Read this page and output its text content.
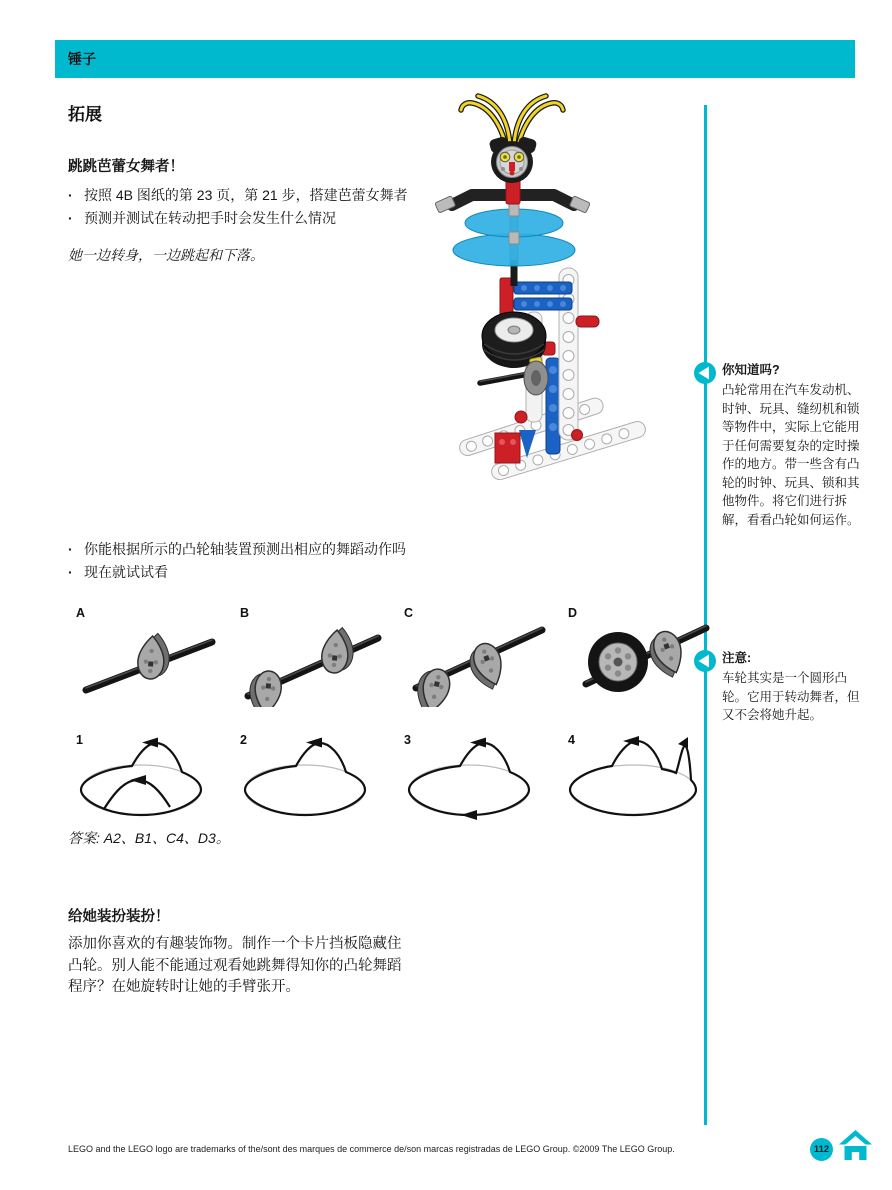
锤子
拓展
跳跳芭蕾女舞者！
· 按照 4B 图纸的第 23 页，第 21 步，搭建芭蕾女舞者
· 预测并测试在转动把手时会发生什么情况
她一边转身，一边跳起和下落。
你知道吗?
凸轮常用在汽车发动机、时钟、玩具、缝纫机和锁等物件中，实际上它能用于任何需要复杂的定时操作的地方。带一些含有凸轮的时钟、玩具、锁和其他物件。将它们进行拆解，看看凸轮如何运作。
注意:
车轮其实是一个圆形凸轮。它用于转动舞者，但又不会将她升起。
· 你能根据所示的凸轮轴装置预测出相应的舞蹈动作吗
· 现在就试试看
A	B	C	D
1	2	3	4
答案: A2、B1、C4、D3。
给她装扮装扮！
添加你喜欢的有趣装饰物。制作一个卡片挡板隐藏住凸轮。别人能不能通过观看她跳舞得知你的凸轮舞蹈程序？在她旋转时让她的手臂张开。
LEGO and the LEGO logo are trademarks of the/sont des marques de commerce de/son marcas registradas de LEGO Group. ©2009 The LEGO Group.	112
